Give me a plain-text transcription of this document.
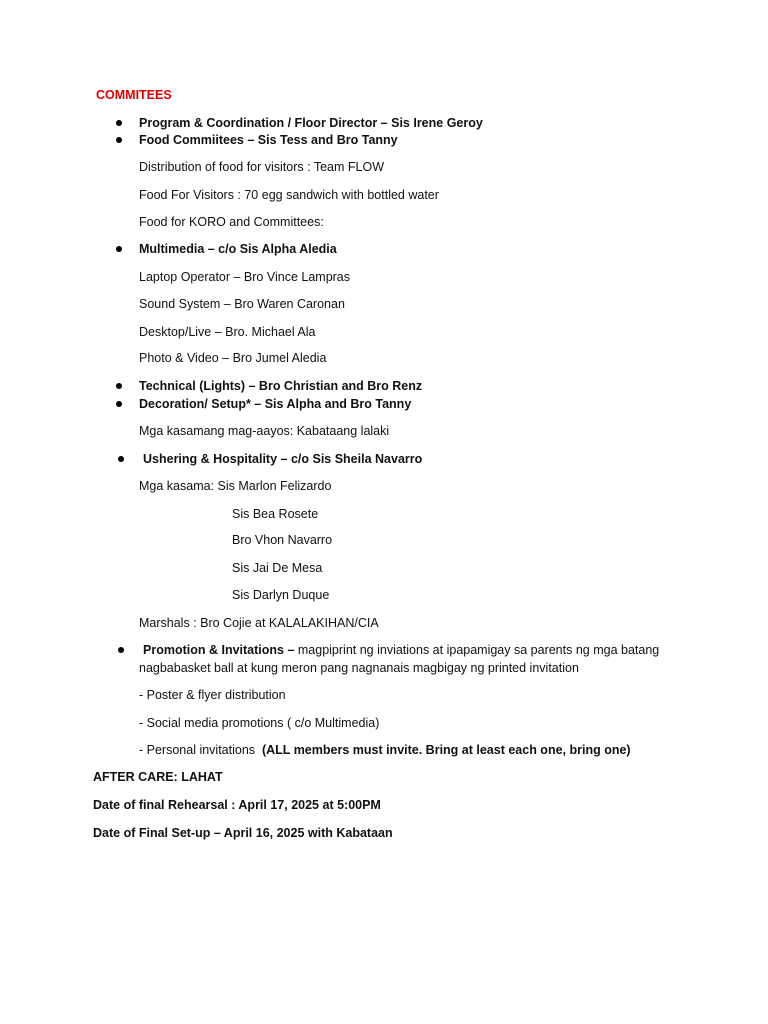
COMMITEES
Program & Coordination / Floor Director – Sis Irene Geroy
Food Commiitees – Sis Tess and Bro Tanny
Distribution of food for visitors : Team FLOW
Food For Visitors : 70 egg sandwich with bottled water
Food for KORO and Committees:
Multimedia – c/o Sis Alpha Aledia
Laptop Operator – Bro Vince Lampras
Sound System – Bro Waren Caronan
Desktop/Live – Bro. Michael Ala
Photo & Video – Bro Jumel Aledia
Technical (Lights) – Bro Christian and Bro Renz
Decoration/ Setup* – Sis Alpha and Bro Tanny
Mga kasamang mag-aayos: Kabataang lalaki
Ushering & Hospitality – c/o Sis Sheila Navarro
Mga kasama: Sis Marlon Felizardo
Sis Bea Rosete
Bro Vhon Navarro
Sis Jai De Mesa
Sis Darlyn Duque
Marshals : Bro Cojie at KALALAKIHAN/CIA
Promotion & Invitations – magpiprint ng inviations at ipapamigay sa parents ng mga batang
nagbabasket ball at kung meron pang nagnanais magbigay ng printed invitation
- Poster & flyer distribution
- Social media promotions ( c/o Multimedia)
- Personal invitations (ALL members must invite. Bring at least each one, bring one)
AFTER CARE: LAHAT
Date of final Rehearsal : April 17, 2025 at 5:00PM
Date of Final Set-up – April 16, 2025 with Kabataan
